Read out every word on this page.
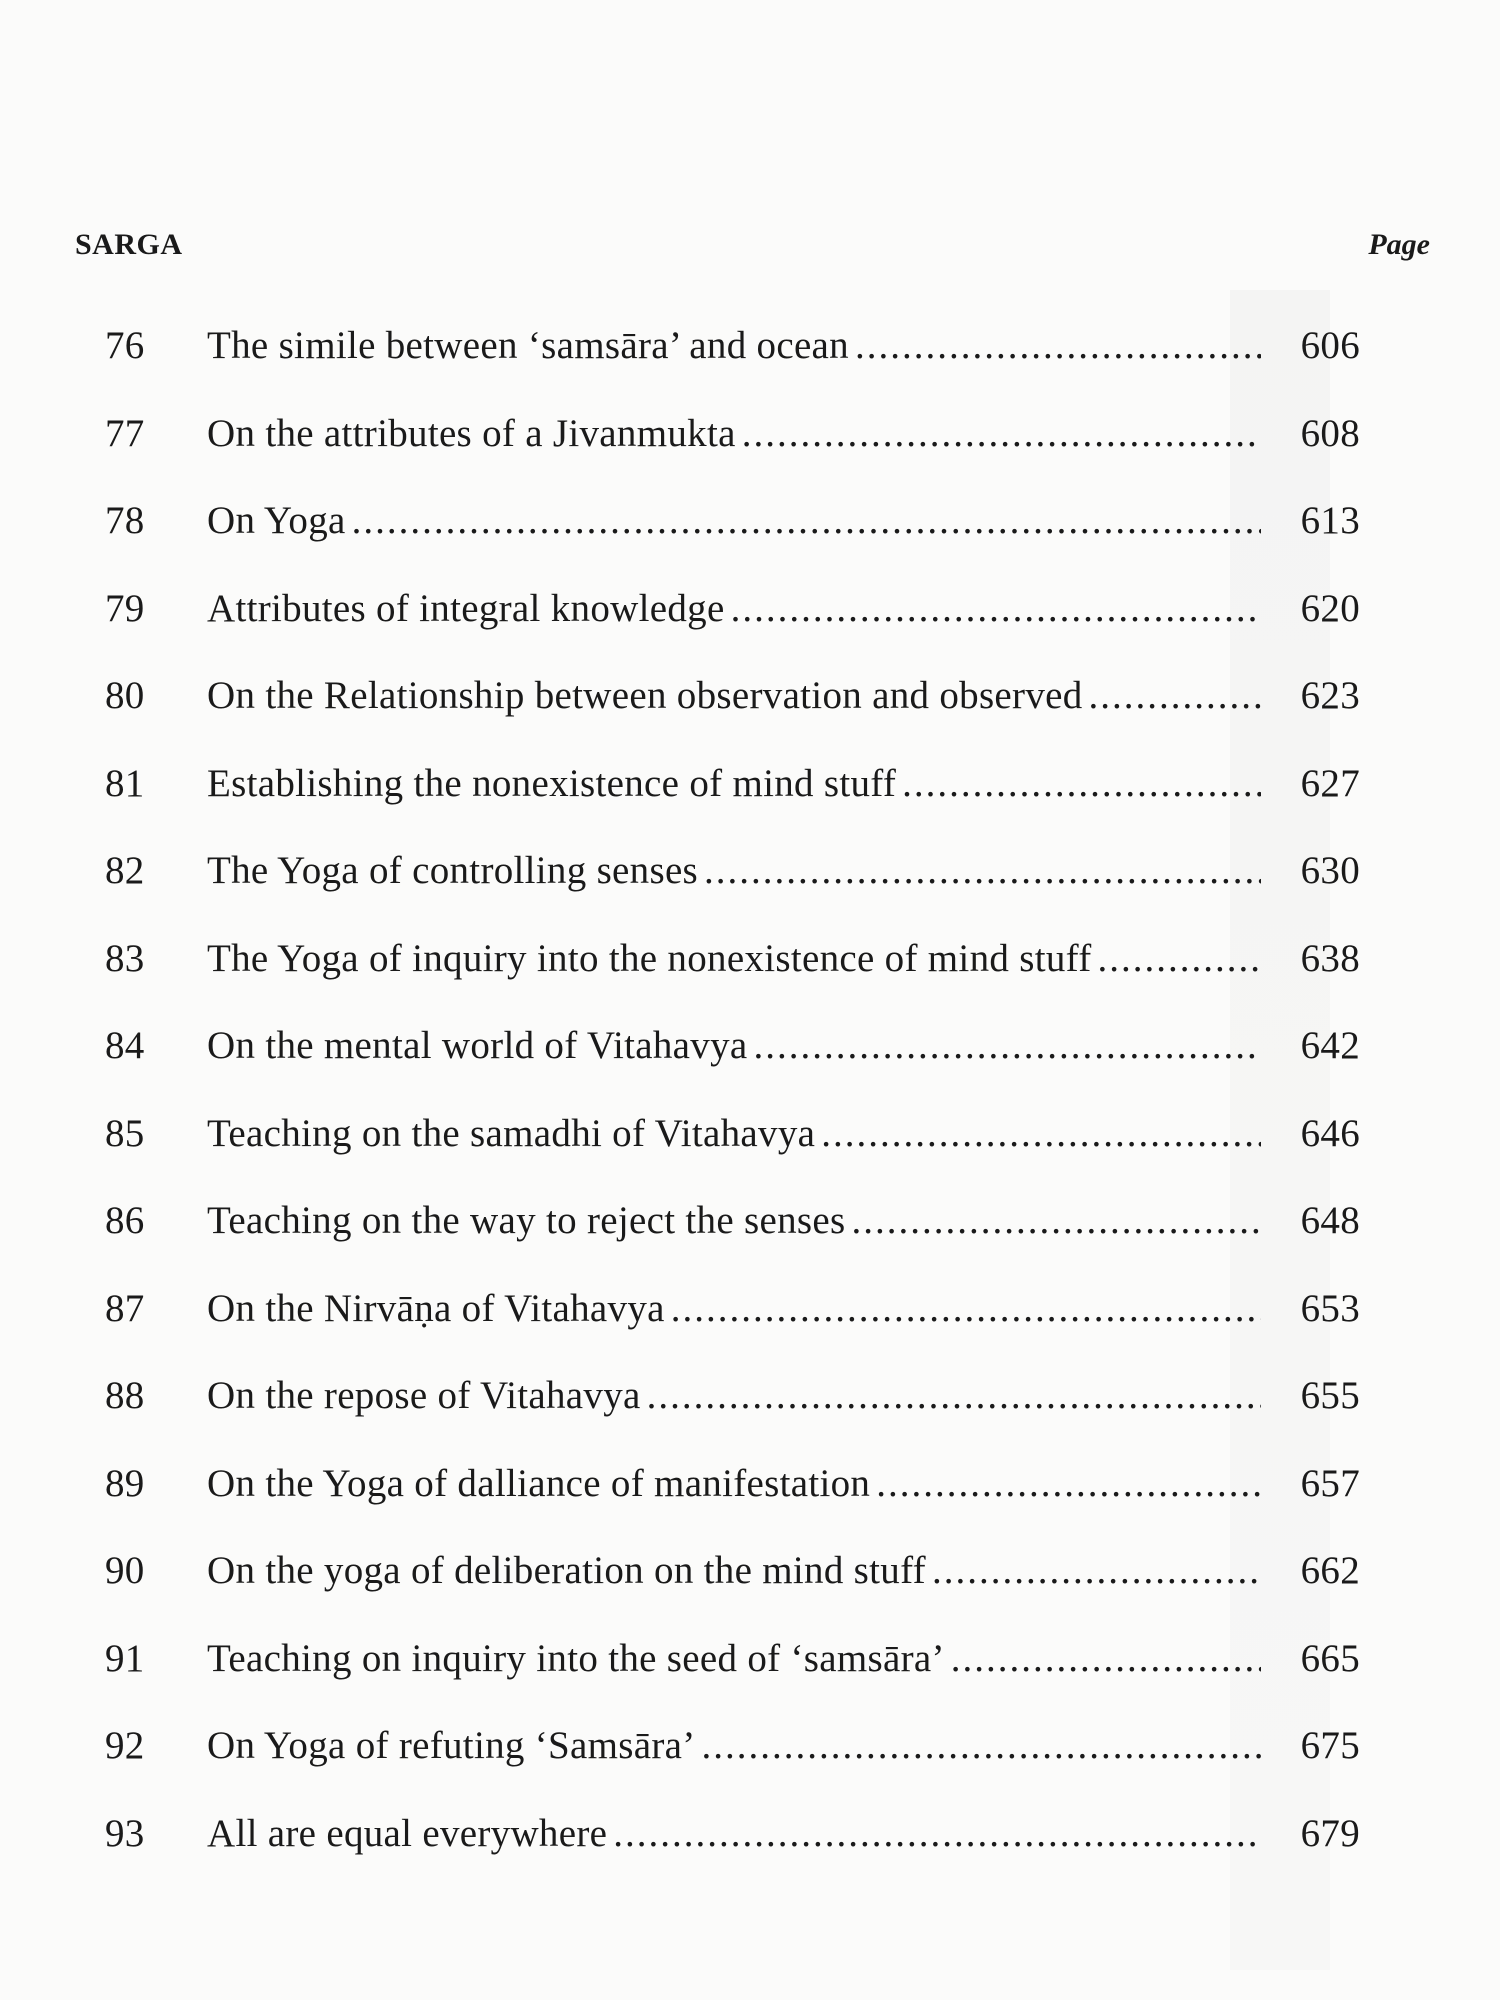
SARGA	Page
76	The simile between ‘samsāra’ and ocean .....	606
77	On the attributes of a Jivanmukta .....	608
78	On Yoga .....	613
79	Attributes of integral knowledge .....	620
80	On the Relationship between observation and observed .....	623
81	Establishing the nonexistence of mind stuff .....	627
82	The Yoga of controlling senses .....	630
83	The Yoga of inquiry into the nonexistence of mind stuff .....	638
84	On the mental world of Vitahavya .....	642
85	Teaching on the samadhi of Vitahavya .....	646
86	Teaching on the way to reject the senses .....	648
87	On the Nirvāṇa of Vitahavya .....	653
88	On the repose of Vitahavya .....	655
89	On the Yoga of dalliance of manifestation .....	657
90	On the yoga of deliberation on the mind stuff .....	662
91	Teaching on inquiry into the seed of ‘samsāra’ .....	665
92	On Yoga of refuting ‘Samsāra’ .....	675
93	All are equal everywhere .....	679
